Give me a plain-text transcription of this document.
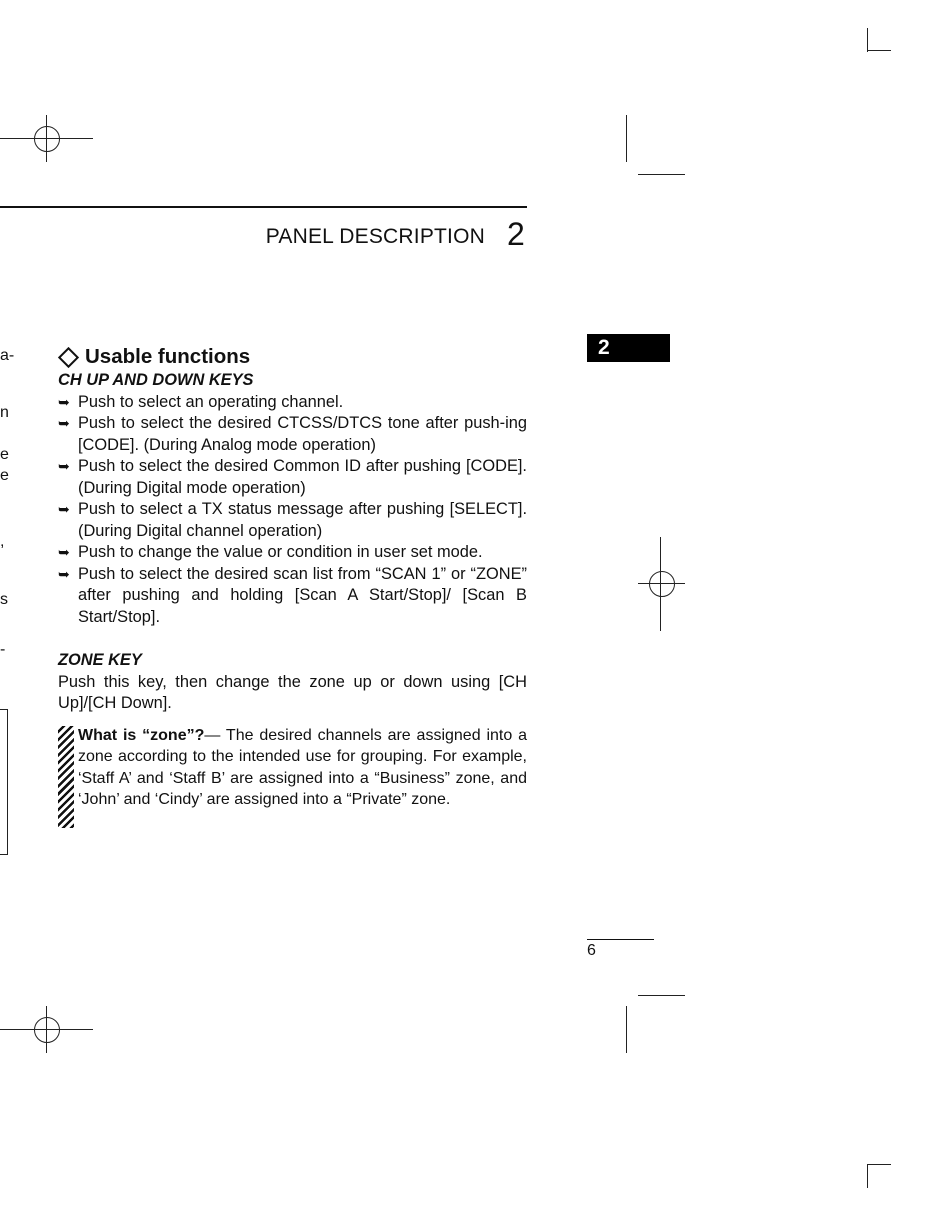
PANEL DESCRIPTION 2
2
a-
n
e
e
,
s
-
Usable functions
CH UP AND DOWN KEYS
➥ Push to select an operating channel.
➥ Push to select the desired CTCSS/DTCS tone after push-ing [CODE]. (During Analog mode operation)
➥ Push to select the desired Common ID after pushing [CODE]. (During Digital mode operation)
➥ Push to select a TX status message after pushing [SELECT]. (During Digital channel operation)
➥ Push to change the value or condition in user set mode.
➥ Push to select the desired scan list from “SCAN 1” or “ZONE” after pushing and holding [Scan A Start/Stop]/ [Scan B Start/Stop].
ZONE KEY
Push this key, then change the zone up or down using [CH Up]/[CH Down].
What is “zone”?— The desired channels are assigned into a zone according to the intended use for grouping. For example, ‘Staff A’ and ‘Staff B’ are assigned into a “Business” zone, and ‘John’ and ‘Cindy’ are assigned into a “Private” zone.
6
